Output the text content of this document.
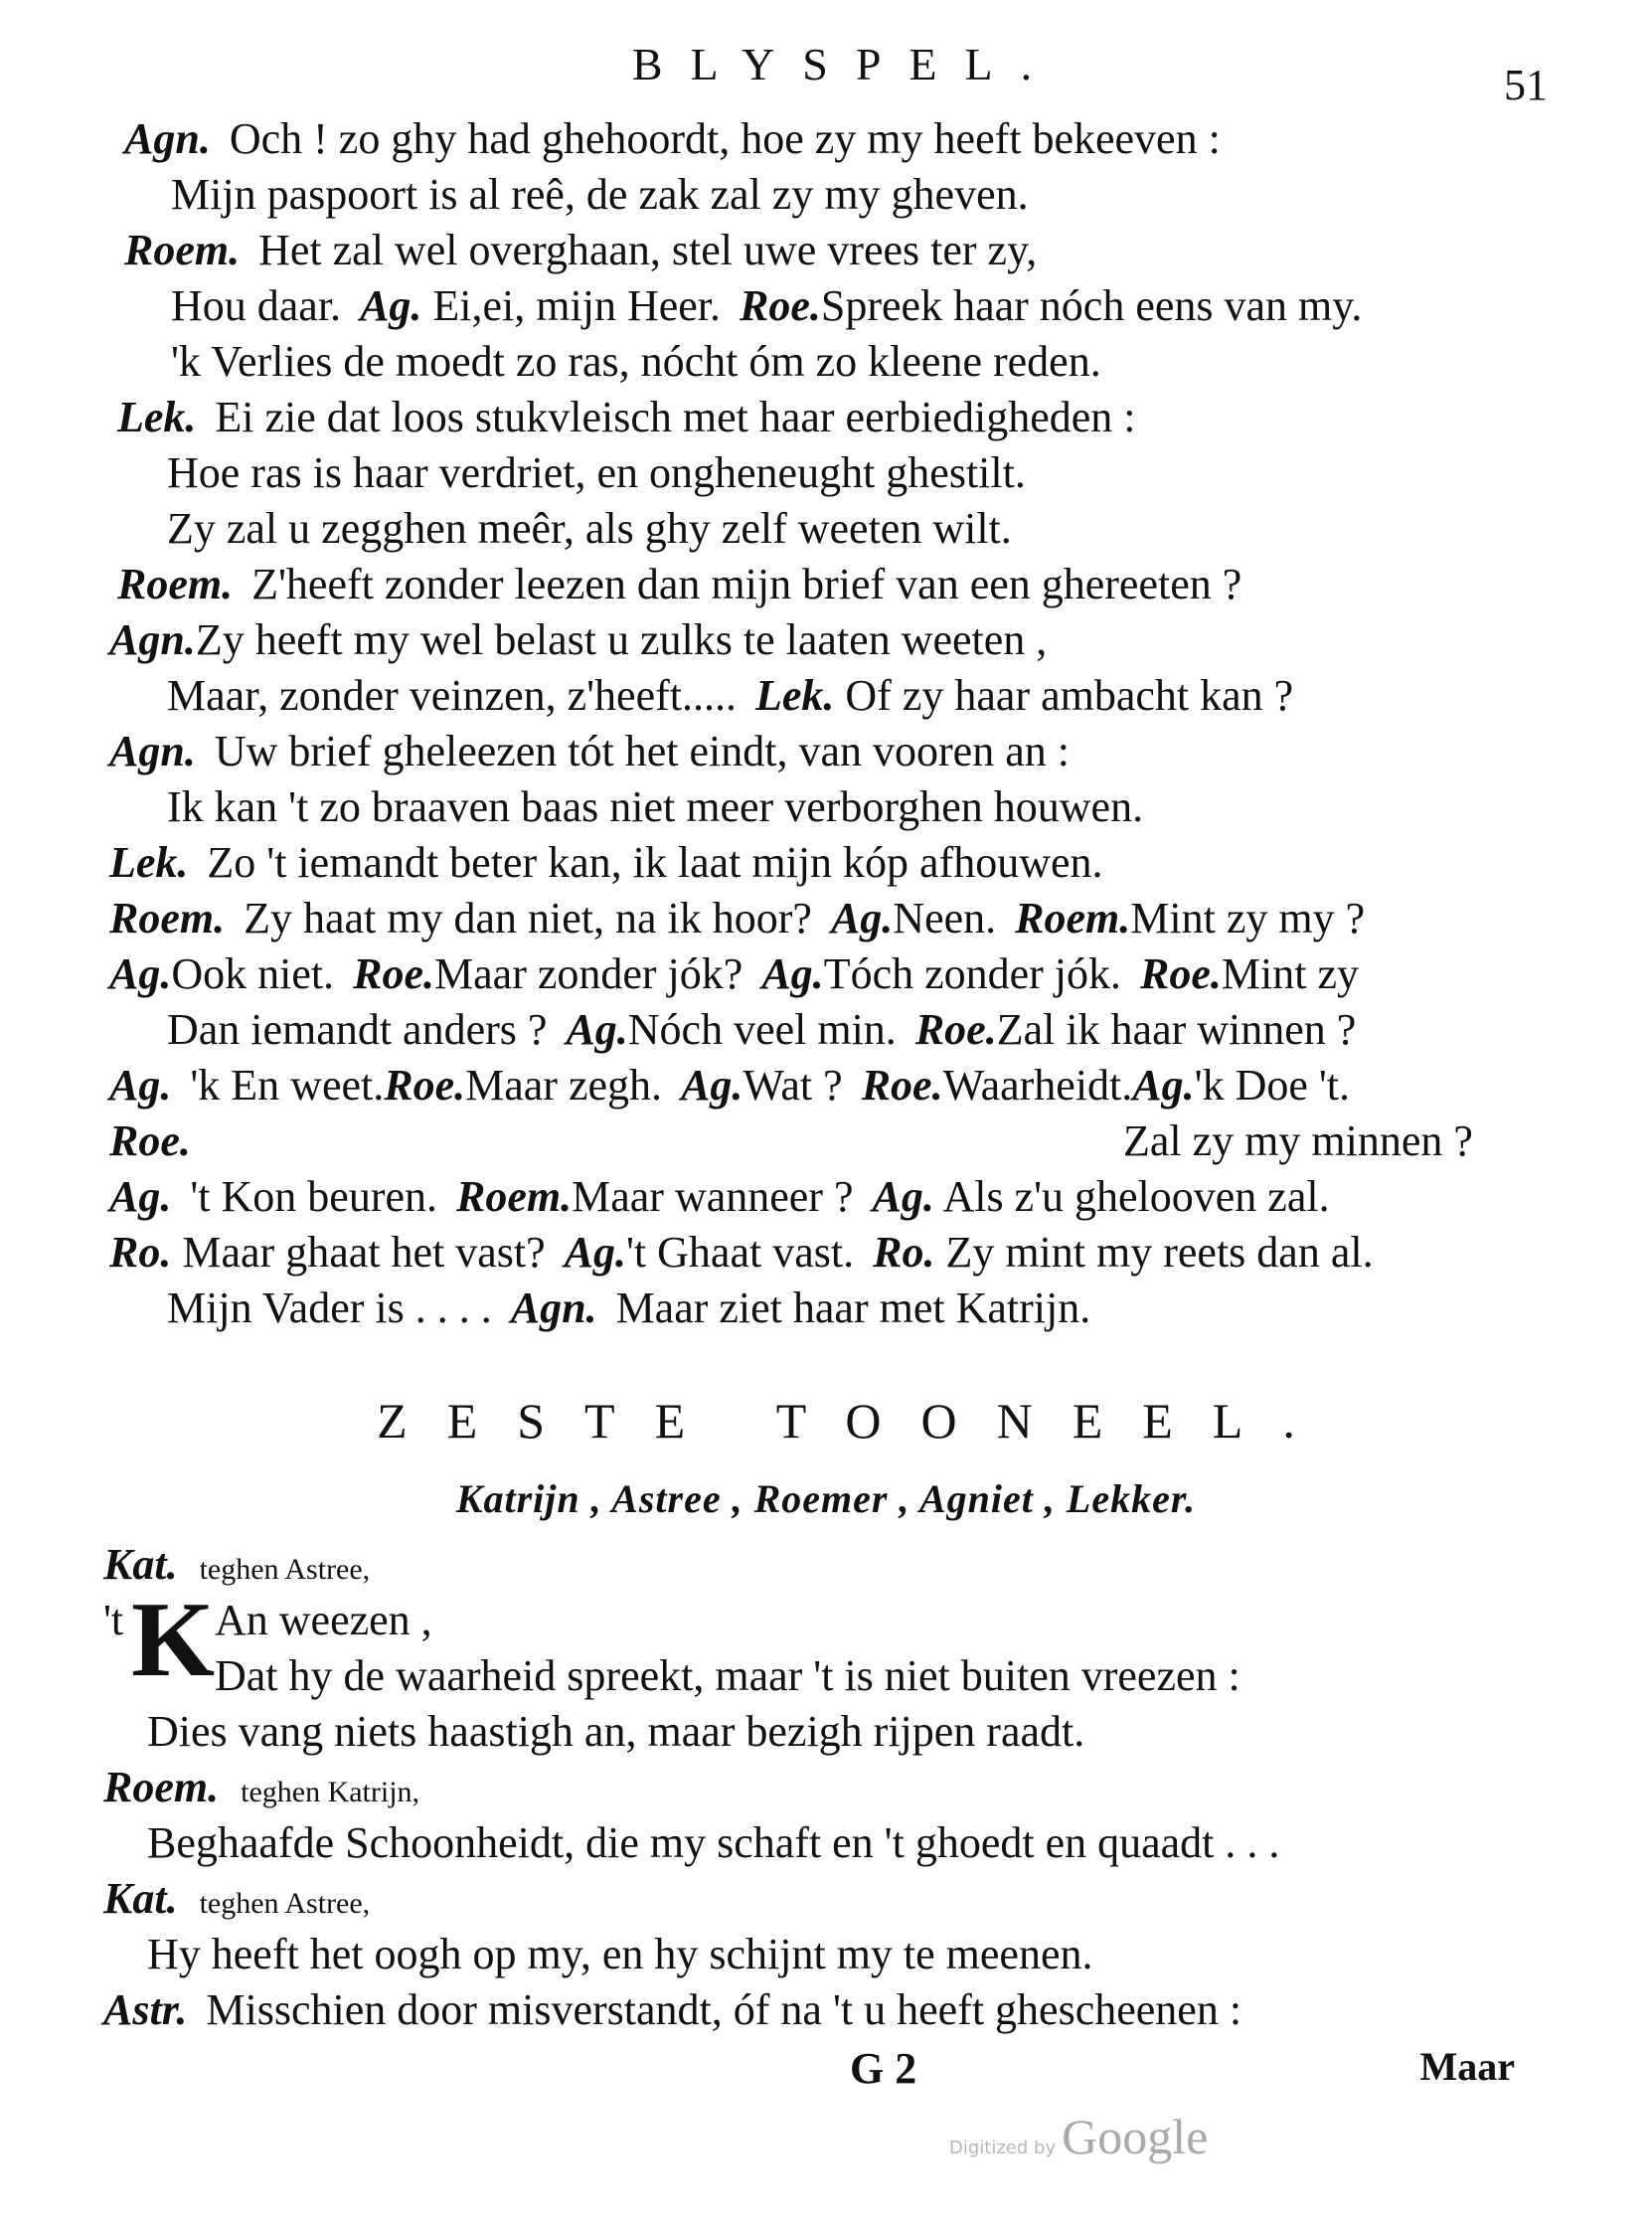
BLYSPEL.	51
Agn. Och ! zo ghy had ghehoordt, hoe zy my heeft bekeeven :
Mijn paspoort is al reê, de zak zal zy my gheven.
Roem. Het zal wel overghaan, stel uwe vrees ter zy,
Hou daar. Ag. Ei,ei, mijn Heer. Roe.Spreek haar nóch eens van my.
'k Verlies de moedt zo ras, nócht óm zo kleene reden.
Lek. Ei zie dat loos stukvleisch met haar eerbiedigheden :
Hoe ras is haar verdriet, en ongheneught ghestilt.
Zy zal u zegghen meêr, als ghy zelf weeten wilt.
Roem. Z'heeft zonder leezen dan mijn brief van een ghereeten ?
Agn.Zy heeft my wel belast u zulks te laaten weeten ,
Maar, zonder veinzen, z'heeft..... Lek. Of zy haar ambacht kan ?
Agn. Uw brief gheleezen tót het eindt, van vooren an :
Ik kan 't zo braaven baas niet meer verborghen houwen.
Lek. Zo 't iemandt beter kan, ik laat mijn kóp afhouwen.
Roem. Zy haat my dan niet, na ik hoor? Ag.Neen. Roem.Mint zy my ?
Ag.Ook niet. Roe.Maar zonder jók? Ag.Tóch zonder jók. Roe.Mint zy
Dan iemandt anders ? Ag.Nóch veel min. Roe.Zal ik haar winnen ?
Ag. 'k En weet.Roe.Maar zegh. Ag.Wat ? Roe.Waarheidt.Ag.'k Doe 't.
Roe.	Zal zy my minnen ?
Ag. 't Kon beuren. Roem.Maar wanneer ? Ag. Als z'u ghelooven zal.
Ro. Maar ghaat het vast? Ag.'t Ghaat vast. Ro. Zy mint my reets dan al.
Mijn Vader is . . . . Agn. Maar ziet haar met Katrijn.
ZESTE TOONEEL.
Katrijn , Astree , Roemer , Agniet , Lekker.
Kat. teghen Astree,
't K An weezen ,
Dat hy de waarheid spreekt, maar 't is niet buiten vreezen :
Dies vang niets haastigh an, maar bezigh rijpen raadt.
Roem. teghen Katrijn,
Beghaafde Schoonheidt, die my schaft en 't ghoedt en quaadt . . .
Kat. teghen Astree,
Hy heeft het oogh op my, en hy schijnt my te meenen.
Astr. Misschien door misverstandt, óf na 't u heeft ghescheenen :
G 2	Maar
Digitized by Google
